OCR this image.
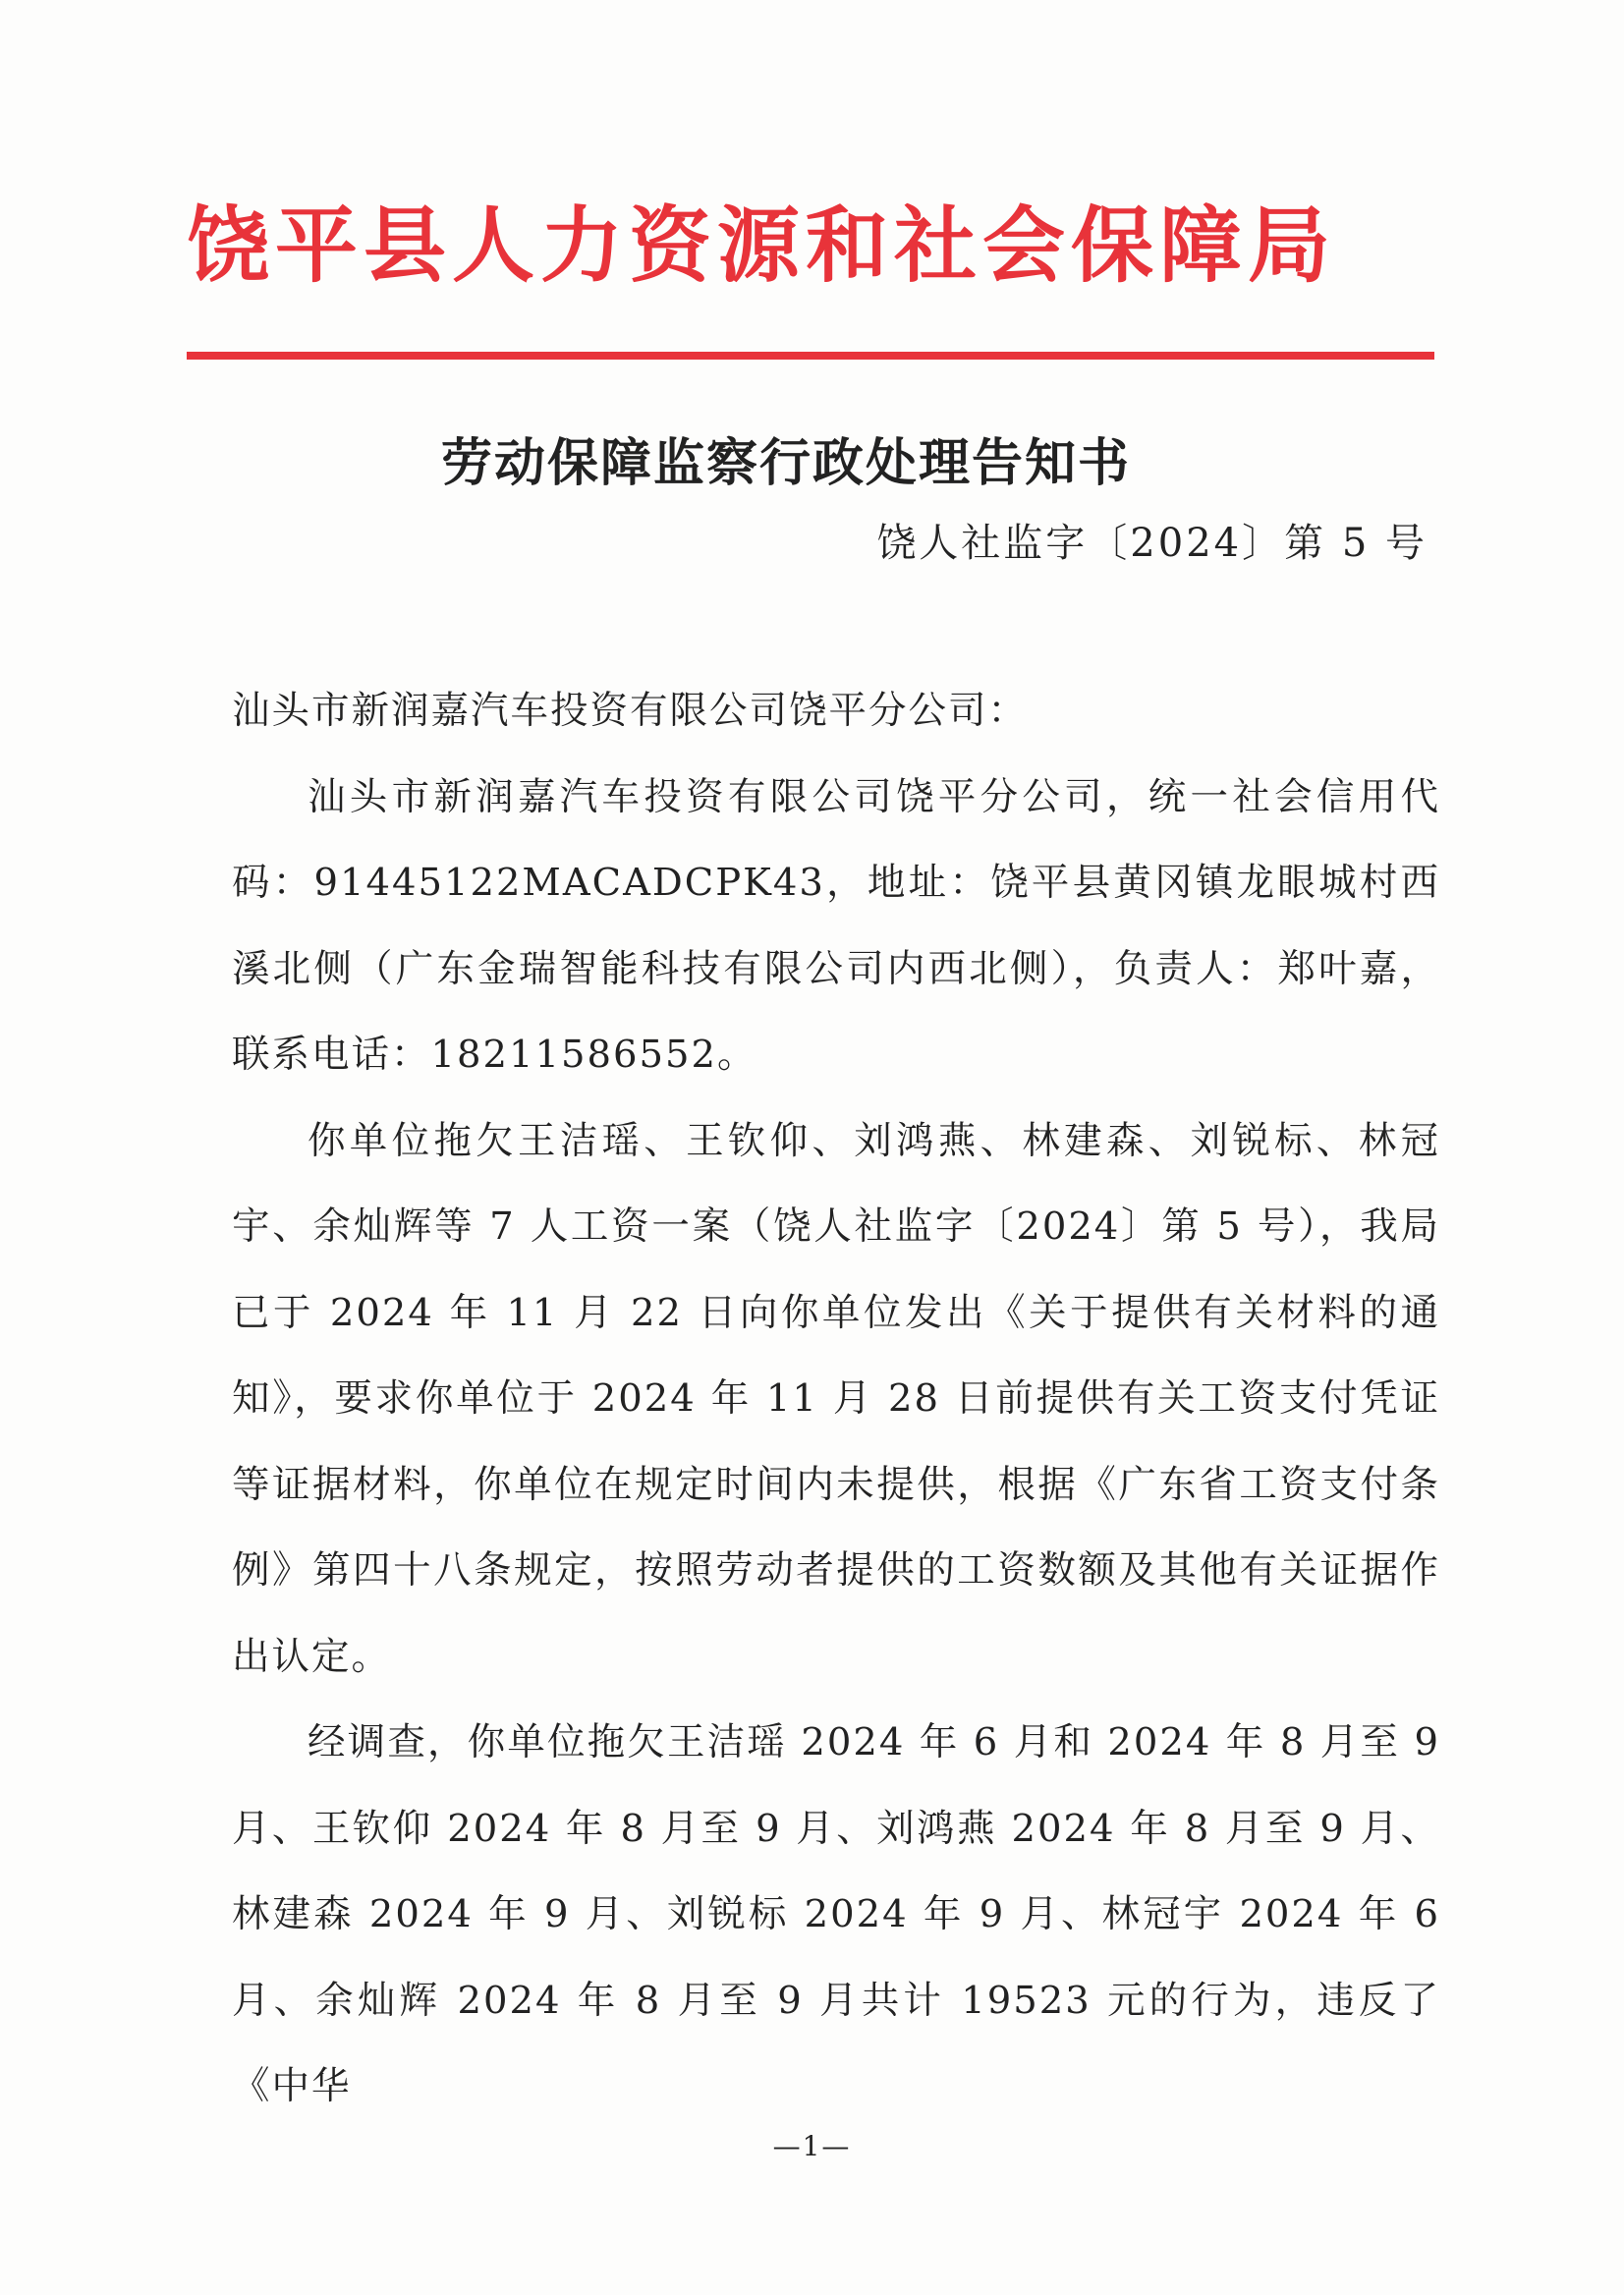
饶平县人力资源和社会保障局
劳动保障监察行政处理告知书
饶人社监字〔2024〕第 5 号

汕头市新润嘉汽车投资有限公司饶平分公司：

汕头市新润嘉汽车投资有限公司饶平分公司，统一社会信用代码：91445122MACADCPK43，地址：饶平县黄冈镇龙眼城村西溪北侧（广东金瑞智能科技有限公司内西北侧），负责人：郑叶嘉，联系电话：18211586552。

你单位拖欠王洁瑶、王钦仰、刘鸿燕、林建森、刘锐标、林冠宇、余灿辉等 7 人工资一案（饶人社监字〔2024〕第 5 号），我局已于 2024 年 11 月 22 日向你单位发出《关于提供有关材料的通知》，要求你单位于 2024 年 11 月 28 日前提供有关工资支付凭证等证据材料，你单位在规定时间内未提供，根据《广东省工资支付条例》第四十八条规定，按照劳动者提供的工资数额及其他有关证据作出认定。

经调查，你单位拖欠王洁瑶 2024 年 6 月和 2024 年 8 月至 9 月、王钦仰 2024 年 8 月至 9 月、刘鸿燕 2024 年 8 月至 9 月、林建森 2024 年 9 月、刘锐标 2024 年 9 月、林冠宇 2024 年 6 月、余灿辉 2024 年 8 月至 9 月共计 19523 元的行为，违反了《中华

—1—
